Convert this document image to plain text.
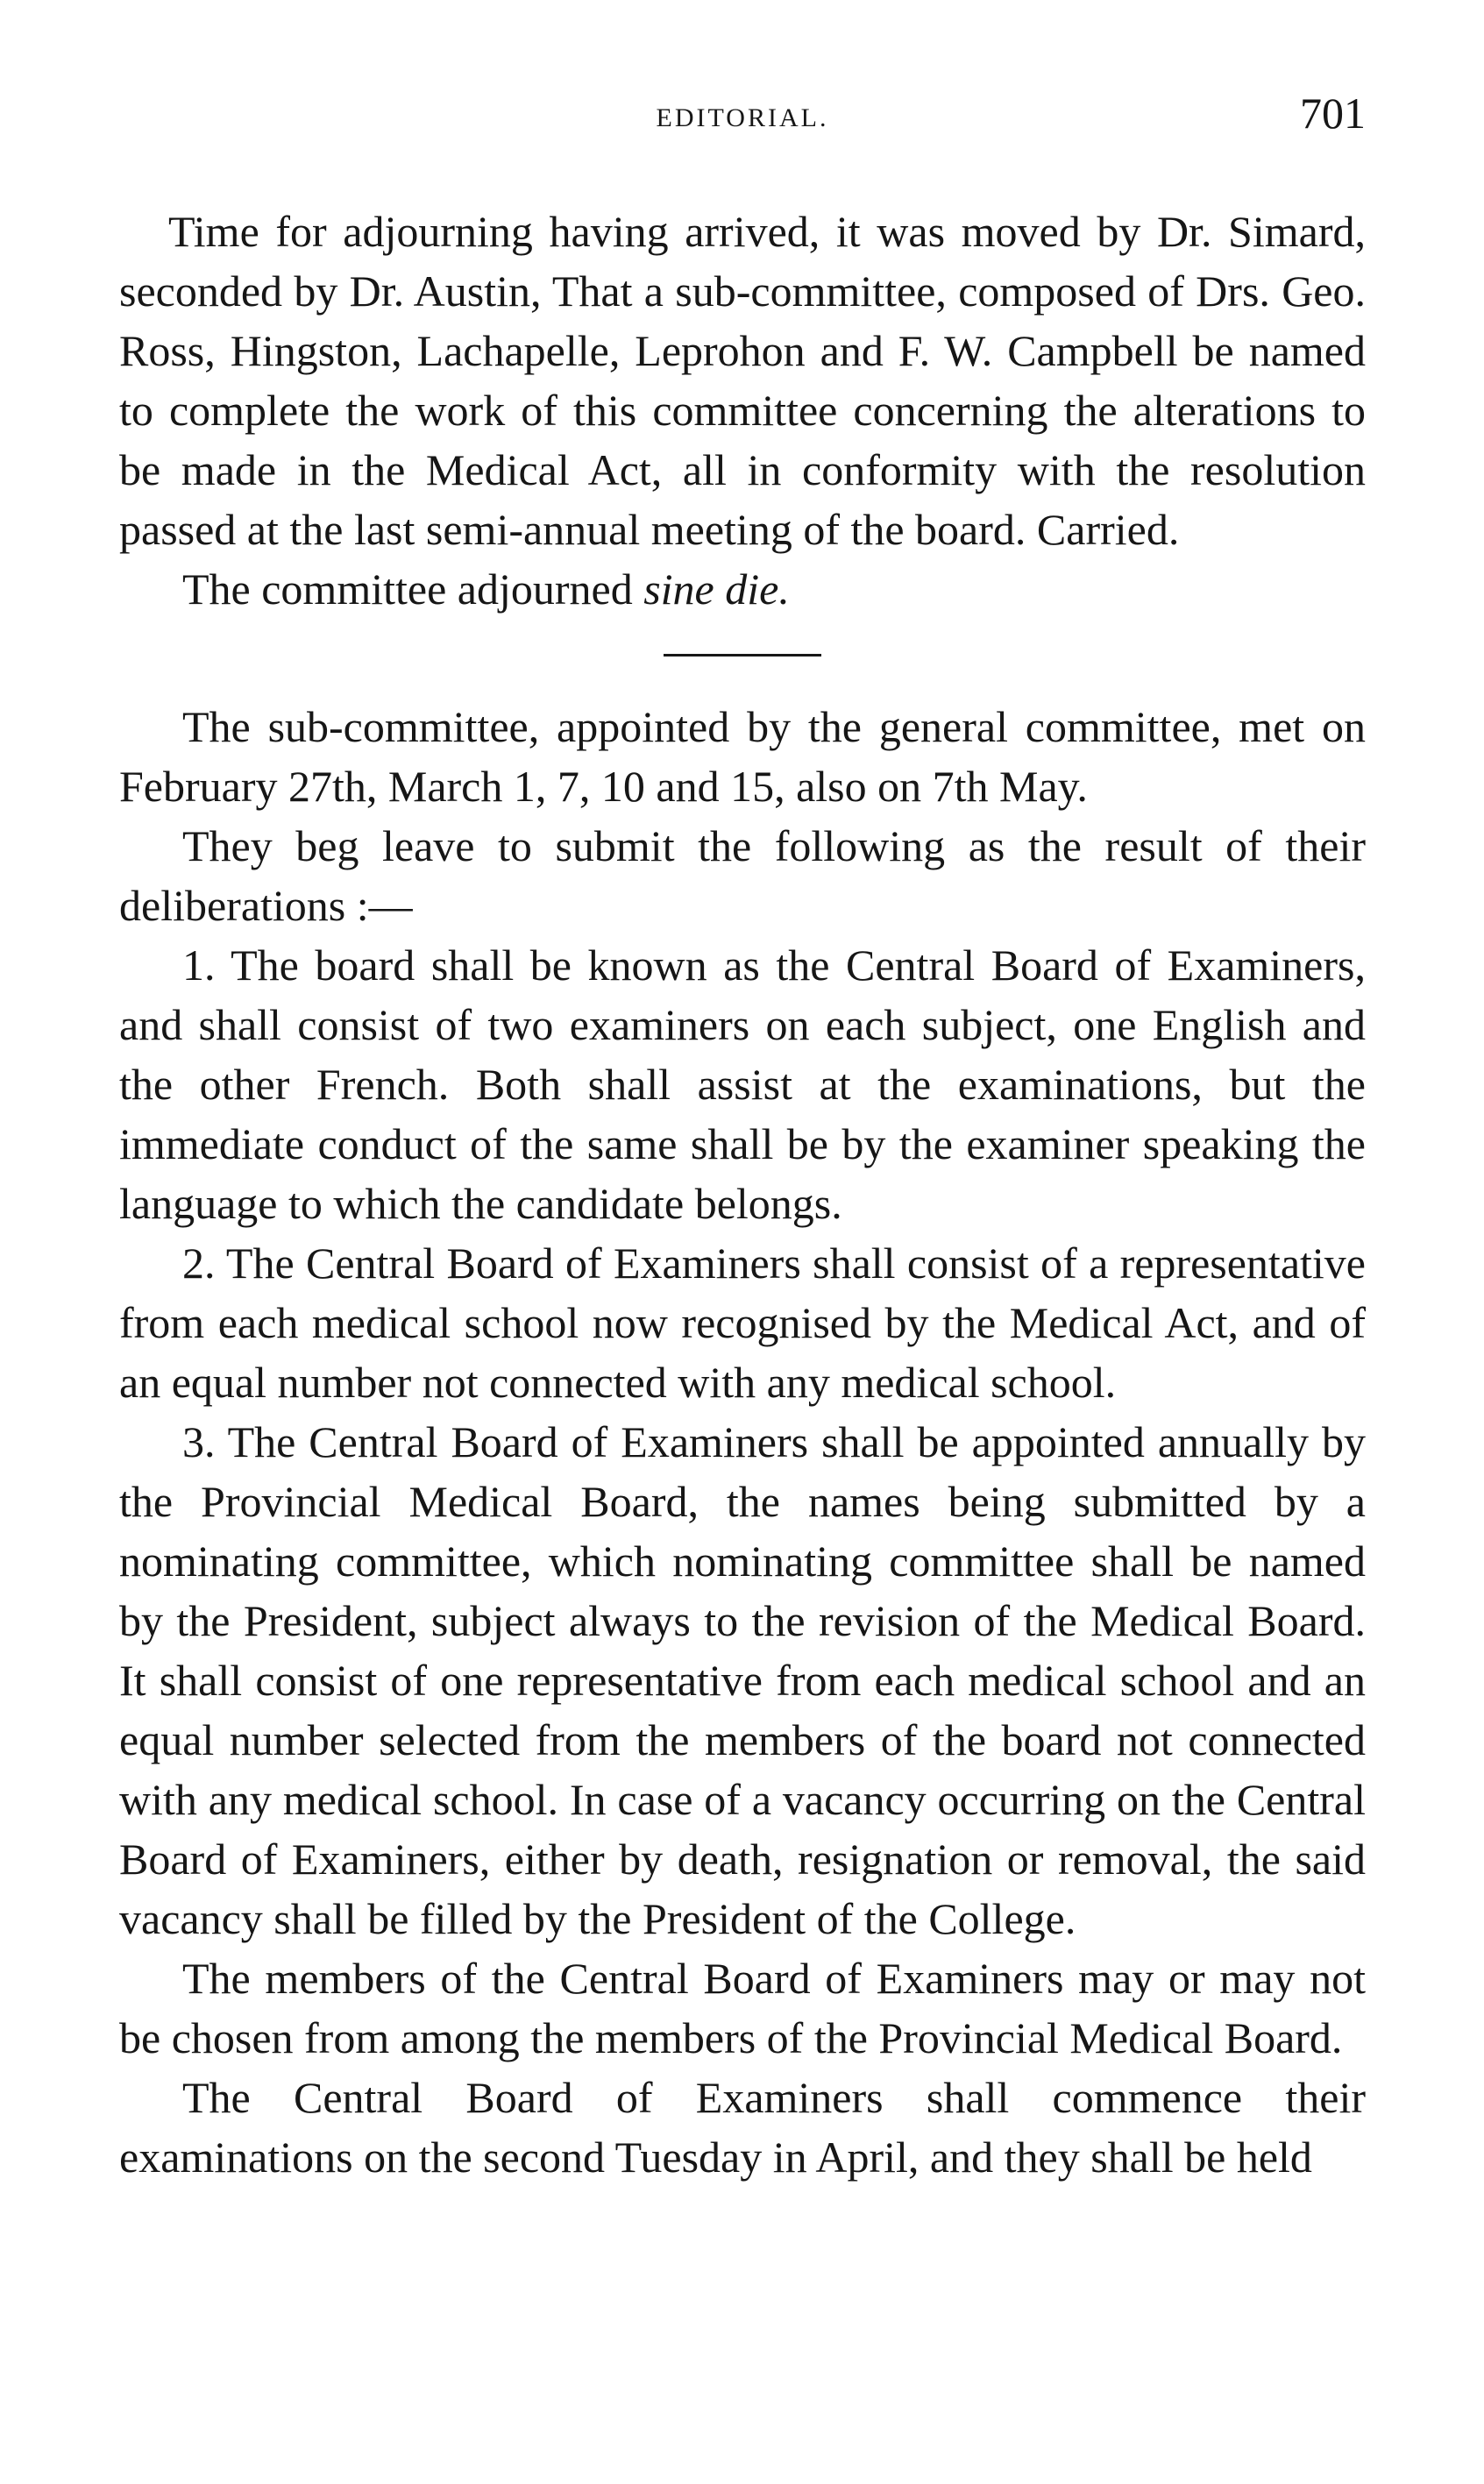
EDITORIAL.	701

Time for adjourning having arrived, it was moved by Dr. Simard, seconded by Dr. Austin, That a sub-committee, composed of Drs. Geo. Ross, Hingston, Lachapelle, Leprohon and F. W. Campbell be named to complete the work of this committee concerning the alterations to be made in the Medical Act, all in conformity with the resolution passed at the last semi-annual meeting of the board. Carried.

The committee adjourned sine die.

The sub-committee, appointed by the general committee, met on February 27th, March 1, 7, 10 and 15, also on 7th May.

They beg leave to submit the following as the result of their deliberations :—

1. The board shall be known as the Central Board of Examiners, and shall consist of two examiners on each subject, one English and the other French. Both shall assist at the examinations, but the immediate conduct of the same shall be by the examiner speaking the language to which the candidate belongs.

2. The Central Board of Examiners shall consist of a representative from each medical school now recognised by the Medical Act, and of an equal number not connected with any medical school.

3. The Central Board of Examiners shall be appointed annually by the Provincial Medical Board, the names being submitted by a nominating committee, which nominating committee shall be named by the President, subject always to the revision of the Medical Board. It shall consist of one representative from each medical school and an equal number selected from the members of the board not connected with any medical school. In case of a vacancy occurring on the Central Board of Examiners, either by death, resignation or removal, the said vacancy shall be filled by the President of the College.

The members of the Central Board of Examiners may or may not be chosen from among the members of the Provincial Medical Board.

The Central Board of Examiners shall commence their examinations on the second Tuesday in April, and they shall be held
